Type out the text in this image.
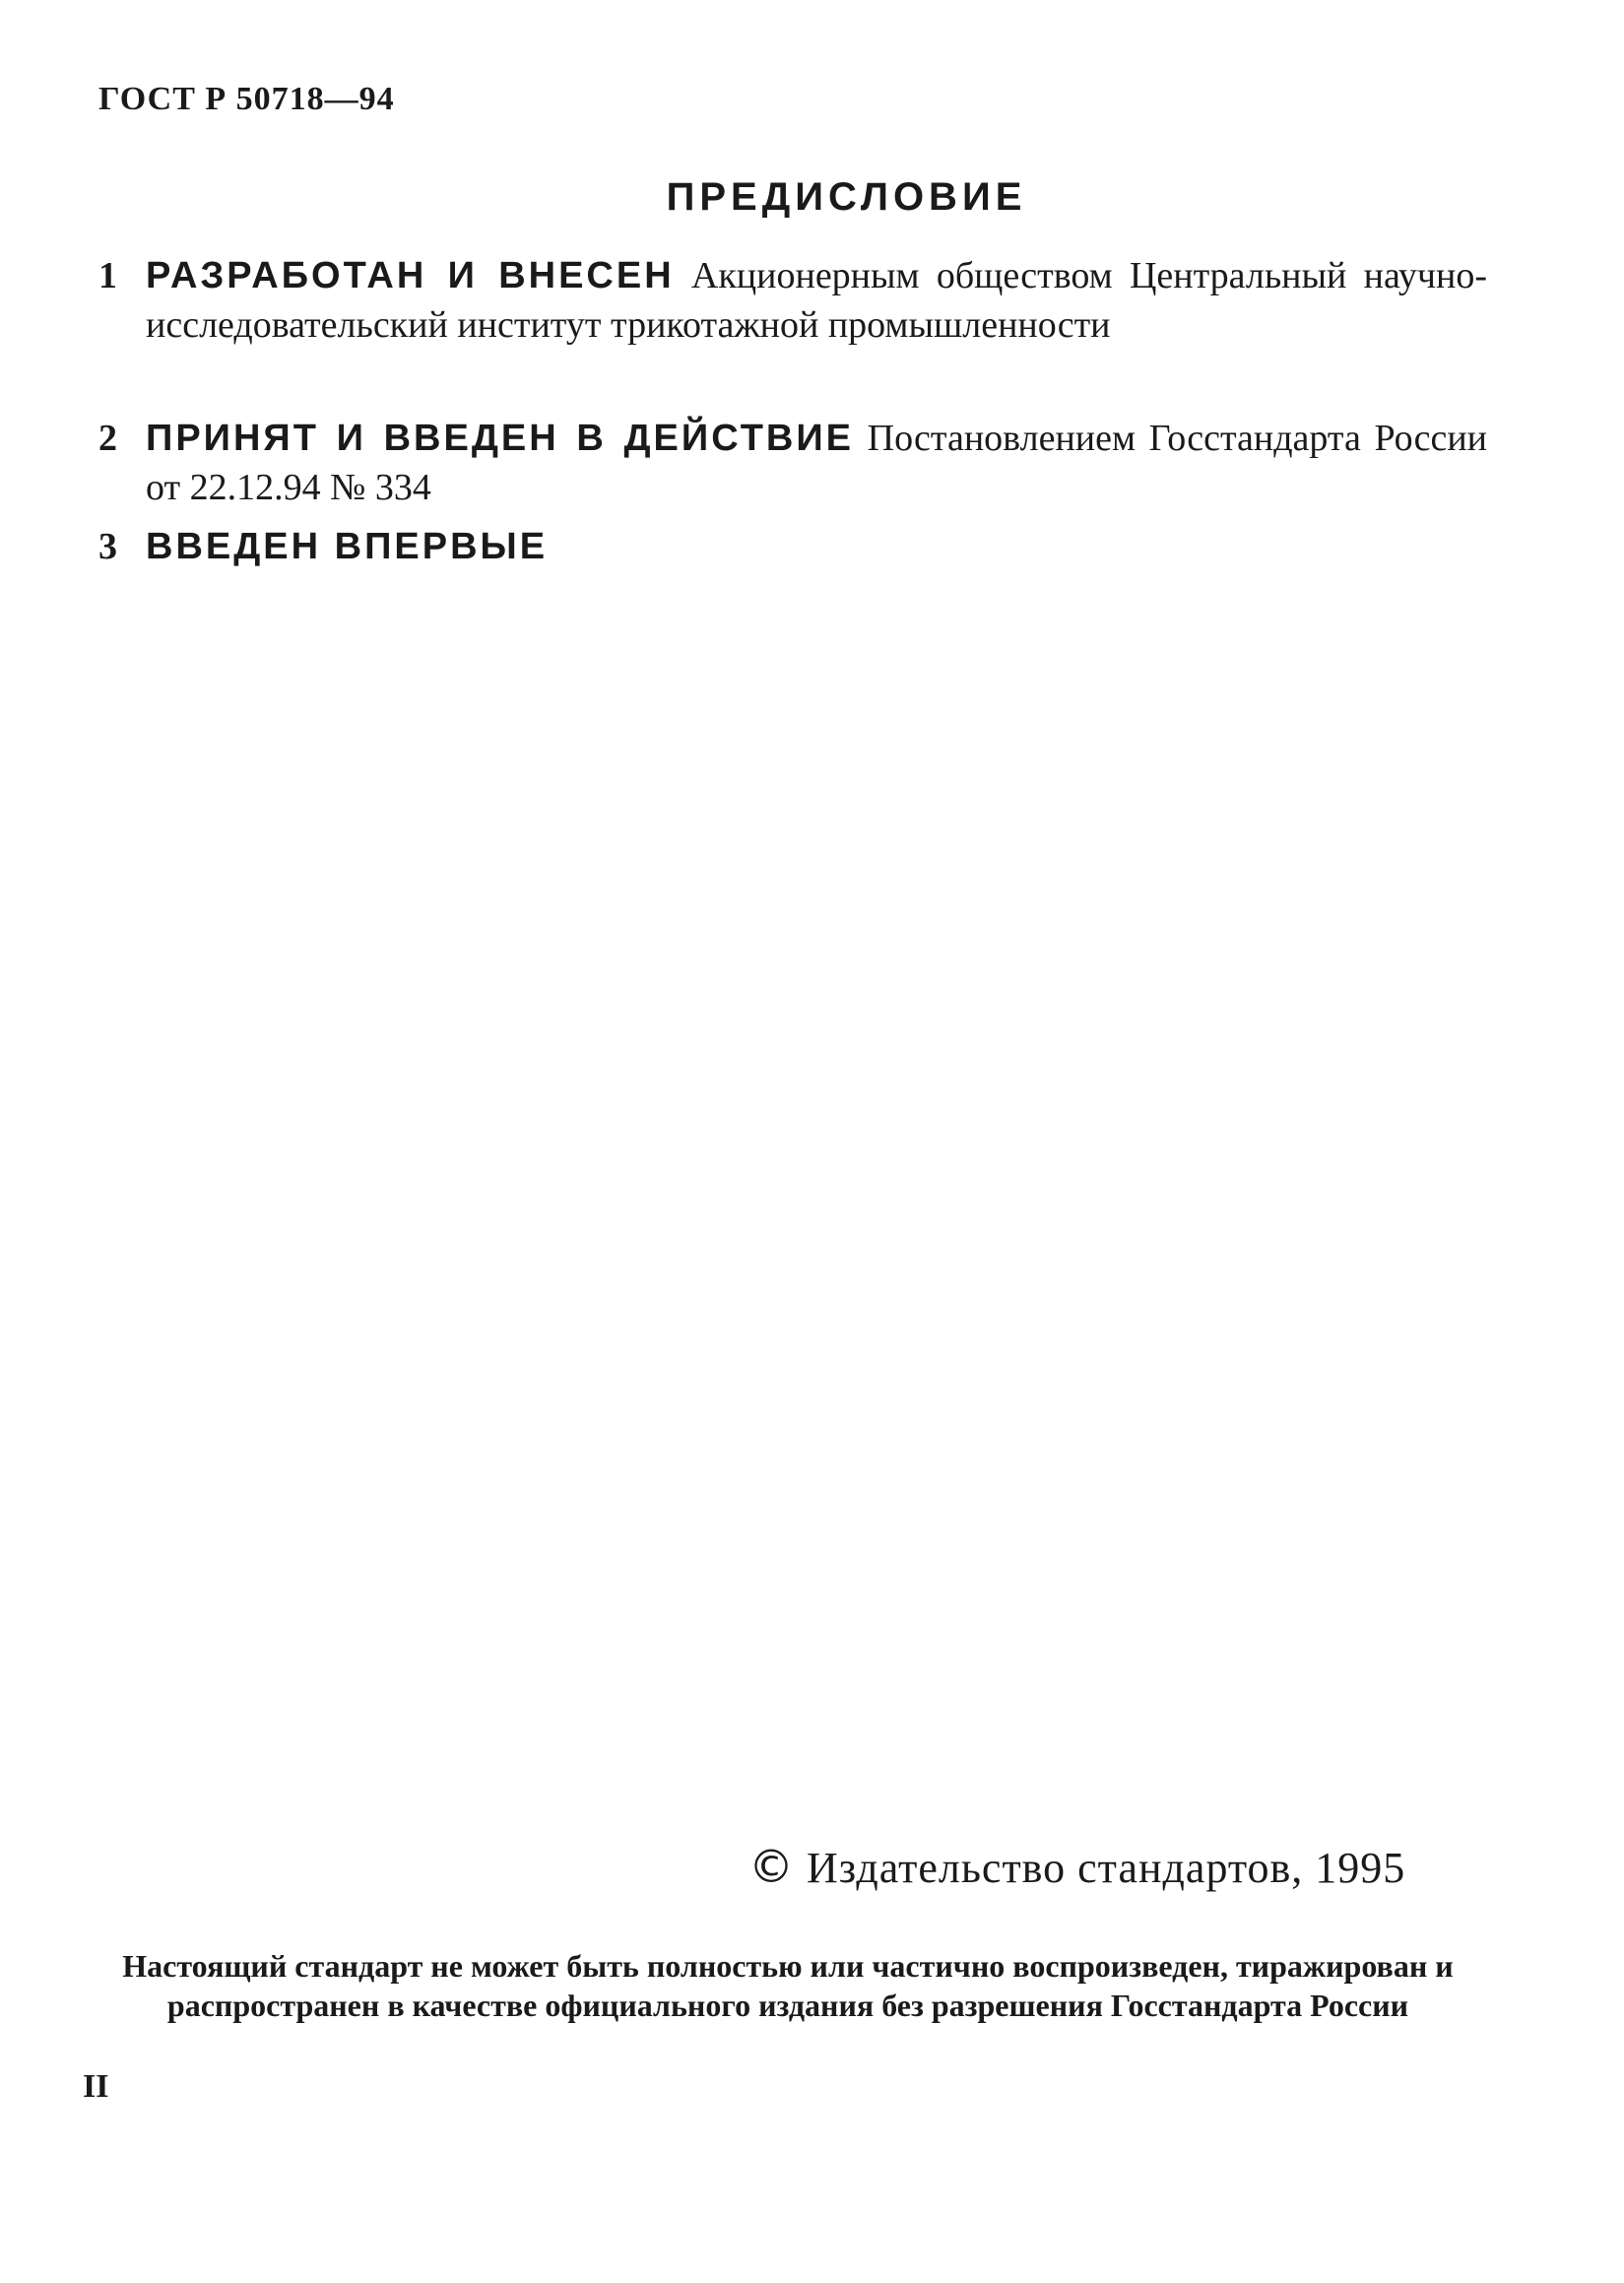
ГОСТ Р 50718—94
ПРЕДИСЛОВИЕ
1 РАЗРАБОТАН И ВНЕСЕН Акционерным обществом Центральный научно-исследовательский институт трикотажной промышленности
2 ПРИНЯТ И ВВЕДЕН В ДЕЙСТВИЕ Постановлением Госстандарта России от 22.12.94 № 334
3 ВВЕДЕН ВПЕРВЫЕ
© Издательство стандартов, 1995
Настоящий стандарт не может быть полностью или частично воспроизведен, тиражирован и распространен в качестве официального издания без разрешения Госстандарта России
II
